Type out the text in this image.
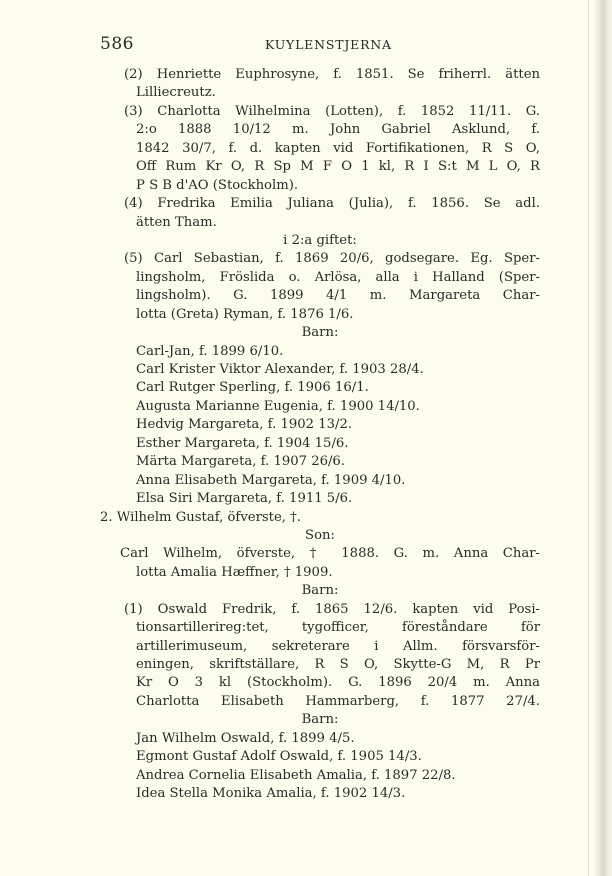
586	KUYLENSTJERNA
(2) Henriette Euphrosyne, f. 1851. Se friherrl. ätten
Lilliecreutz.
(3) Charlotta Wilhelmina (Lotten), f. 1852 11/11. G.
2:o 1888 10/12 m. John Gabriel Asklund, f.
1842 30/7, f. d. kapten vid Fortifikationen, R S O,
Off Rum Kr O, R Sp M F O 1 kl, R I S:t M L O, R
P S B d'AO (Stockholm).
(4) Fredrika Emilia Juliana (Julia), f. 1856. Se adl.
ätten Tham.
i 2:a giftet:
(5) Carl Sebastian, f. 1869 20/6, godsegare. Eg. Sper-
lingsholm, Fröslida o. Arlösa, alla i Halland (Sper-
lingsholm). G. 1899 4/1 m. Margareta Char-
lotta (Greta) Ryman, f. 1876 1/6.
Barn:
Carl-Jan, f. 1899 6/10.
Carl Krister Viktor Alexander, f. 1903 28/4.
Carl Rutger Sperling, f. 1906 16/1.
Augusta Marianne Eugenia, f. 1900 14/10.
Hedvig Margareta, f. 1902 13/2.
Esther Margareta, f. 1904 15/6.
Märta Margareta, f. 1907 26/6.
Anna Elisabeth Margareta, f. 1909 4/10.
Elsa Siri Margareta, f. 1911 5/6.
2. Wilhelm Gustaf, öfverste, †.
Son:
Carl Wilhelm, öfverste, † 1888. G. m. Anna Char-
lotta Amalia Hæffner, † 1909.
Barn:
(1) Oswald Fredrik, f. 1865 12/6. kapten vid Posi-
tionsartillerireg:tet, tygofficer, föreståndare för
artillerimuseum, sekreterare i Allm. försvarsför-
eningen, skriftställare, R S O, Skytte-G M, R Pr
Kr O 3 kl (Stockholm). G. 1896 20/4 m. Anna
Charlotta Elisabeth Hammarberg, f. 1877 27/4.
Barn:
Jan Wilhelm Oswald, f. 1899 4/5.
Egmont Gustaf Adolf Oswald, f. 1905 14/3.
Andrea Cornelia Elisabeth Amalia, f. 1897 22/8.
Idea Stella Monika Amalia, f. 1902 14/3.
